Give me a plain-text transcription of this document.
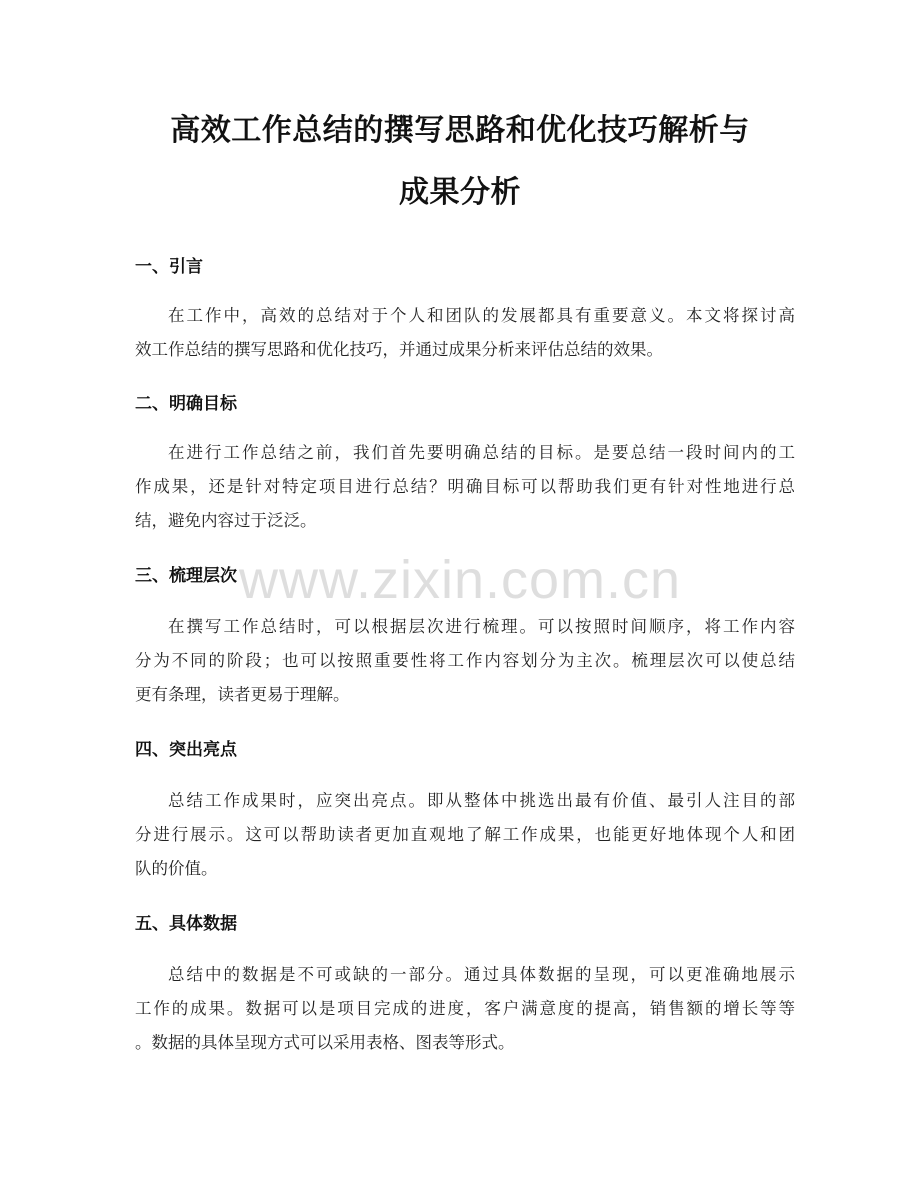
高效工作总结的撰写思路和优化技巧解析与
成果分析
一、引言
在工作中，高效的总结对于个人和团队的发展都具有重要意义。本文将探讨高
效工作总结的撰写思路和优化技巧，并通过成果分析来评估总结的效果。
二、明确目标
在进行工作总结之前，我们首先要明确总结的目标。是要总结一段时间内的工
作成果，还是针对特定项目进行总结？明确目标可以帮助我们更有针对性地进行总
结，避免内容过于泛泛。
三、梳理层次
在撰写工作总结时，可以根据层次进行梳理。可以按照时间顺序，将工作内容
分为不同的阶段；也可以按照重要性将工作内容划分为主次。梳理层次可以使总结
更有条理，读者更易于理解。
四、突出亮点
总结工作成果时，应突出亮点。即从整体中挑选出最有价值、最引人注目的部
分进行展示。这可以帮助读者更加直观地了解工作成果，也能更好地体现个人和团
队的价值。
五、具体数据
总结中的数据是不可或缺的一部分。通过具体数据的呈现，可以更准确地展示
工作的成果。数据可以是项目完成的进度，客户满意度的提高，销售额的增长等等
。数据的具体呈现方式可以采用表格、图表等形式。
www.zixin.com.cn
